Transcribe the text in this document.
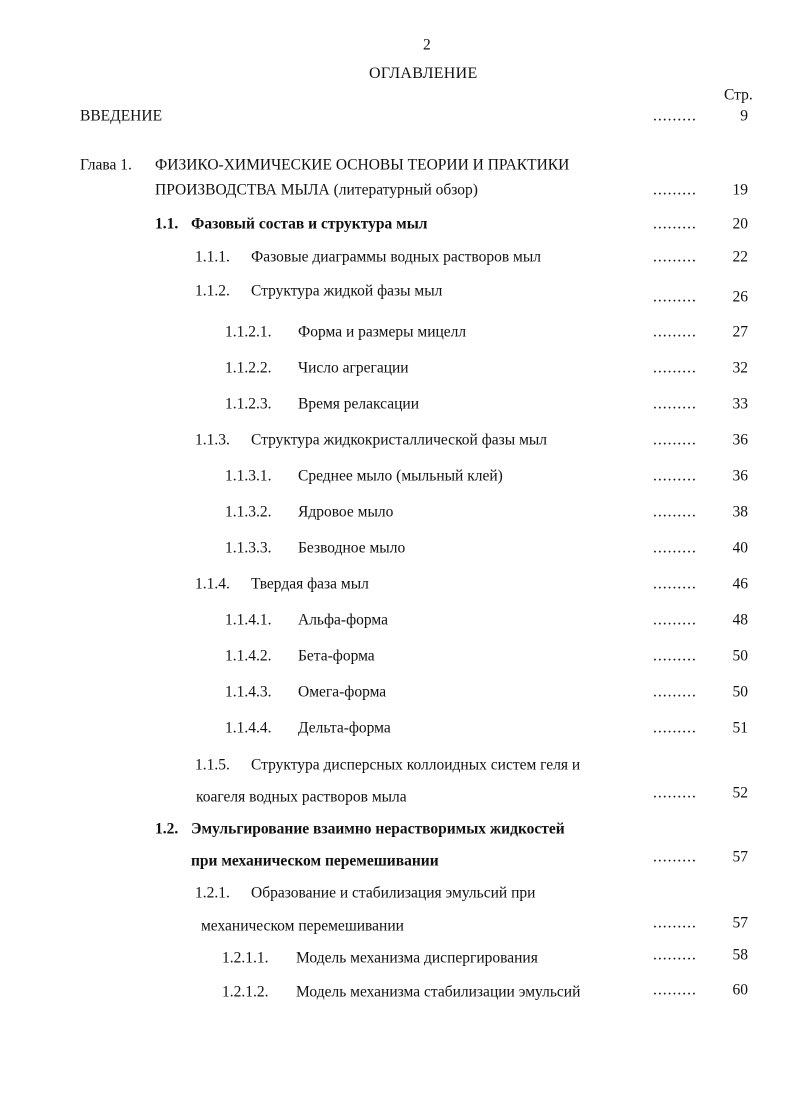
2
ОГЛАВЛЕНИЕ
Стр.
ВВЕДЕНИЕ	.........	9
Глава 1. ФИЗИКО-ХИМИЧЕСКИЕ ОСНОВЫ ТЕОРИИ И ПРАКТИКИ
ПРОИЗВОДСТВА МЫЛА (литературный обзор)	.........	19
1.1. Фазовый состав и структура мыл	.........	20
1.1.1. Фазовые диаграммы водных растворов мыл	.........	22
1.1.2. Структура жидкой фазы мыл	.........	26
1.1.2.1. Форма и размеры мицелл	.........	27
1.1.2.2. Число агрегации	.........	32
1.1.2.3. Время релаксации	.........	33
1.1.3. Структура жидкокристаллической фазы мыл	.........	36
1.1.3.1. Среднее мыло (мыльный клей)	.........	36
1.1.3.2. Ядровое мыло	.........	38
1.1.3.3. Безводное мыло	.........	40
1.1.4. Твердая фаза мыл	.........	46
1.1.4.1. Альфа-форма	.........	48
1.1.4.2. Бета-форма	.........	50
1.1.4.3. Омега-форма	.........	50
1.1.4.4. Дельта-форма	.........	51
1.1.5. Структура дисперсных коллоидных систем геля и
коагеля водных растворов мыла	.........	52
1.2. Эмульгирование взаимно нерастворимых жидкостей
при механическом перемешивании	.........	57
1.2.1. Образование и стабилизация эмульсий при
механическом перемешивании	.........	57
1.2.1.1. Модель механизма диспергирования	.........	58
1.2.1.2. Модель механизма стабилизации эмульсий	.........	60
